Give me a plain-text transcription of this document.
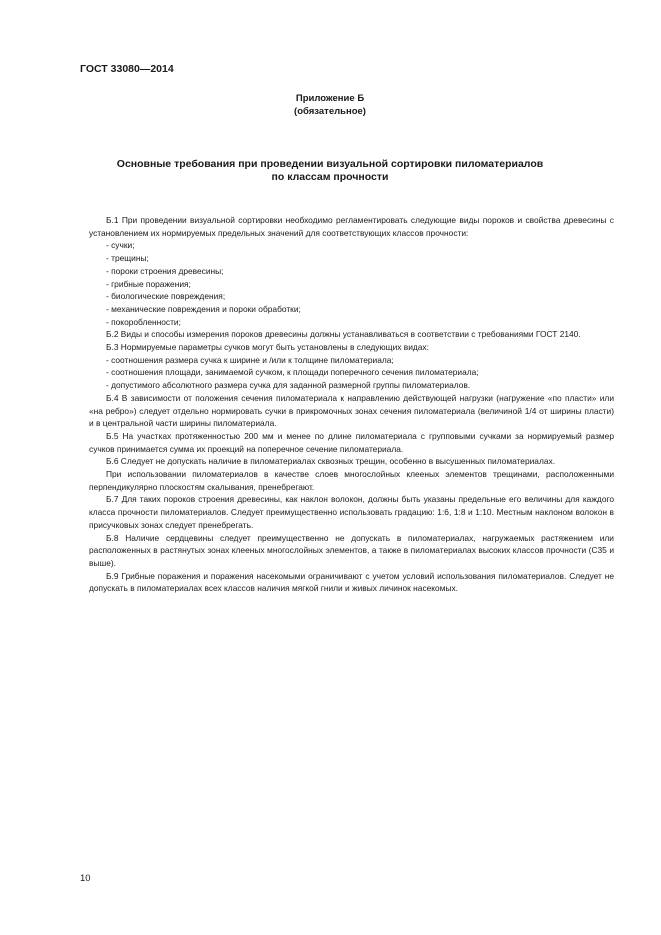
ГОСТ 33080—2014
Приложение Б
(обязательное)
Основные требования при проведении визуальной сортировки пиломатериалов
по классам прочности

Б.1 При проведении визуальной сортировки необходимо регламентировать следующие виды пороков и свойства древесины с установлением их нормируемых предельных значений для соответствующих классов прочности:

- сучки;

- трещины;

- пороки строения древесины;

- грибные поражения;

- биологические повреждения;

- механические повреждения и пороки обработки;

- покоробленности;

Б.2 Виды и способы измерения пороков древесины должны устанавливаться в соответствии с требованиями ГОСТ 2140.

Б.3 Нормируемые параметры сучков могут быть установлены в следующих видах:

- соотношения размера сучка к ширине и /или к толщине пиломатериала;

- соотношения площади, занимаемой сучком, к площади поперечного сечения пиломатериала;

- допустимого абсолютного размера сучка для заданной размерной группы пиломатериалов.

Б.4 В зависимости от положения сечения пиломатериала к направлению действующей нагрузки (нагружение «по пласти» или «на ребро») следует отдельно нормировать сучки в прикромочных зонах сечения пиломатериала (величиной 1/4 от ширины пласти) и в центральной части ширины пиломатериала.

Б.5 На участках протяженностью 200 мм и менее по длине пиломатериала с групповыми сучками за нормируемый размер сучков принимается сумма их проекций на поперечное сечение пиломатериала.

Б.6 Следует не допускать наличие в пиломатериалах сквозных трещин, особенно в высушенных пиломатериалах.

При использовании пиломатериалов в качестве слоев многослойных клееных элементов трещинами, расположенными перпендикулярно плоскостям скалывания, пренебрегают.

Б.7 Для таких пороков строения древесины, как наклон волокон, должны быть указаны предельные его величины для каждого класса прочности пиломатериалов. Следует преимущественно использовать градацию: 1:6, 1:8 и 1:10. Местным наклоном волокон в присучковых зонах следует пренебрегать.

Б.8 Наличие сердцевины следует преимущественно не допускать в пиломатериалах, нагружаемых растяжением или расположенных в растянутых зонах клееных многослойных элементов, а также в пиломатериалах высоких классов прочности (С35 и выше).

Б.9 Грибные поражения и поражения насекомыми ограничивают с учетом условий использования пиломатериалов. Следует не допускать в пиломатериалах всех классов наличия мягкой гнили и живых личинок насекомых.

10
